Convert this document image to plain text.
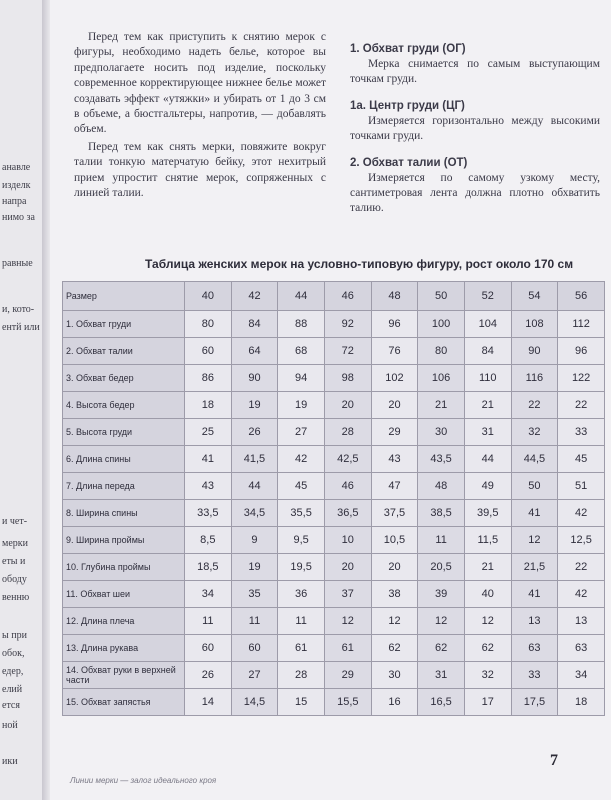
анавле
изделк
напра
нимо за
равные
и, кото-
ентй или
и чет-
мерки
еты и
ободу
венню
ы при
обок,
едер,
елий
ется
ной
ики

Перед тем как приступить к снятию мерок с фигуры, необходимо надеть белье, которое вы предполагаете носить под изделие, поскольку современное корректирующее нижнее белье может создавать эффект «утяжки» и убирать от 1 до 3 см в объеме, а бюстгальтеры, напротив, — добавлять объем.

Перед тем как снять мерки, повяжите вокруг талии тонкую матерчатую бейку, этот нехитрый прием упростит снятие мерок, сопряженных с линией талии.

1. Обхват груди (ОГ)

Мерка снимается по самым выступающим точкам груди.

1а. Центр груди (ЦГ)

Измеряется горизонтально между высокими точками груди.

2. Обхват талии (ОТ)

Измеряется по самому узкому месту, сантиметровая лента должна плотно обхватить талию.

Таблица женских мерок на условно-типовую фигуру, рост около 170 см
Размер	40	42	44	46	48	50	52	54	56
1. Обхват груди	80	84	88	92	96	100	104	108	112
2. Обхват талии	60	64	68	72	76	80	84	90	96
3. Обхват бедер	86	90	94	98	102	106	110	116	122
4. Высота бедер	18	19	19	20	20	21	21	22	22
5. Высота груди	25	26	27	28	29	30	31	32	33
6. Длина спины	41	41,5	42	42,5	43	43,5	44	44,5	45
7. Длина переда	43	44	45	46	47	48	49	50	51
8. Ширина спины	33,5	34,5	35,5	36,5	37,5	38,5	39,5	41	42
9. Ширина проймы	8,5	9	9,5	10	10,5	11	11,5	12	12,5
10. Глубина проймы	18,5	19	19,5	20	20	20,5	21	21,5	22
11. Обхват шеи	34	35	36	37	38	39	40	41	42
12. Длина плеча	11	11	11	12	12	12	12	13	13
13. Длина рукава	60	60	61	61	62	62	62	63	63
14. Обхват руки в верхней части	26	27	28	29	30	31	32	33	34
15. Обхват запястья	14	14,5	15	15,5	16	16,5	17	17,5	18
Линии мерки — залог идеального кроя
7
